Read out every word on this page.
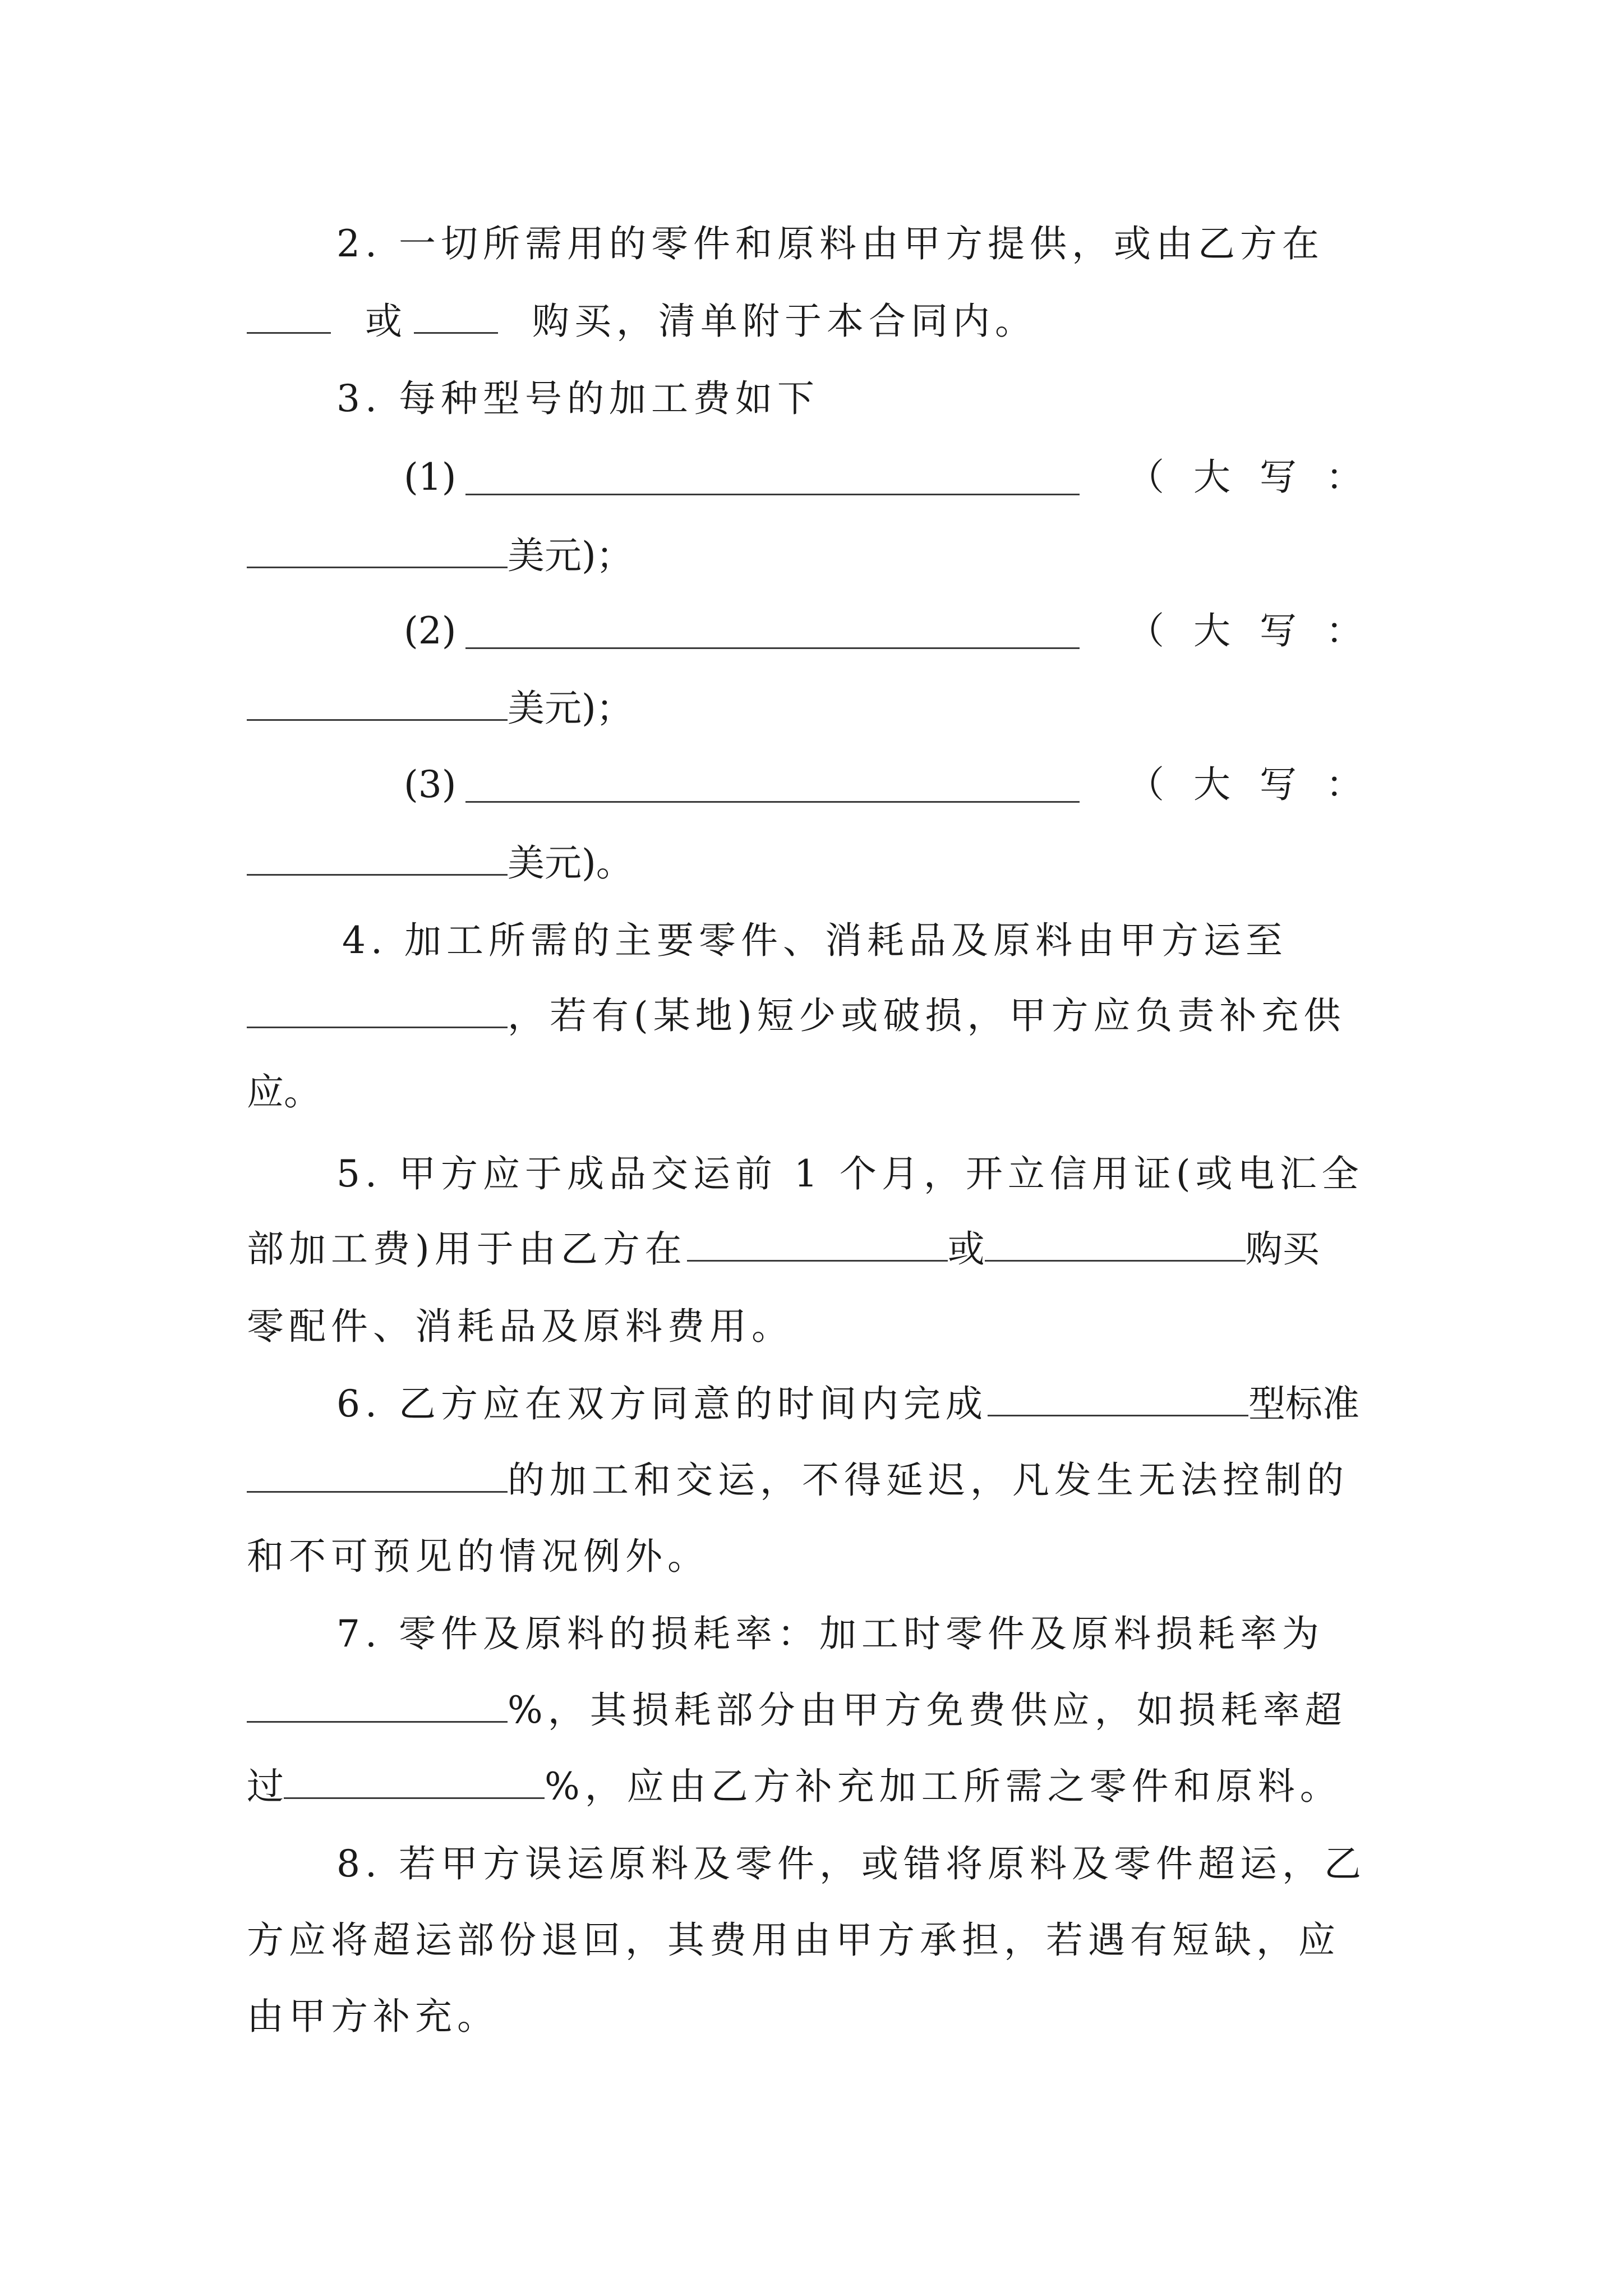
2. 一切所需用的零件和原料由甲方提供，或由乙方在
或	购买，清单附于本合同内。
3. 每种型号的加工费如下
(1)	（ 大 写 ：
美元)；
(2)	（ 大 写 ：
美元)；
(3)	（ 大 写 ：
美元)。
4. 加工所需的主要零件、消耗品及原料由甲方运至
，若有(某地)短少或破损，甲方应负责补充供
应。
5. 甲方应于成品交运前 1 个月，开立信用证(或电汇全
部加工费)用于由乙方在	或	购买
零配件、消耗品及原料费用。
6. 乙方应在双方同意的时间内完成	型标准
的加工和交运，不得延迟，凡发生无法控制的
和不可预见的情况例外。
7. 零件及原料的损耗率：加工时零件及原料损耗率为
%，其损耗部分由甲方免费供应，如损耗率超
过	%，应由乙方补充加工所需之零件和原料。
8. 若甲方误运原料及零件，或错将原料及零件超运，乙
方应将超运部份退回，其费用由甲方承担，若遇有短缺，应
由甲方补充。
